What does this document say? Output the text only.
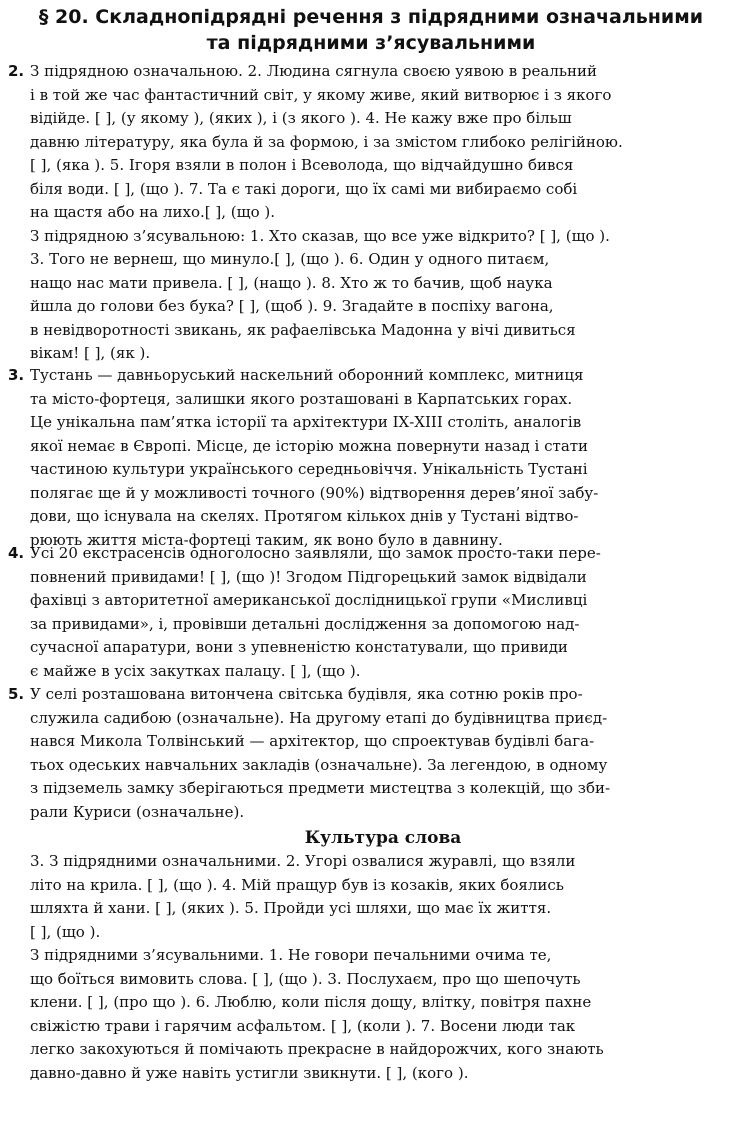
§ 20. Складнопідрядні речення з підрядними означальними
та підрядними з’ясувальними
2. З підрядною означальною. 2. Людина сягнула своєю уявою в реальний
і в той же час фантастичний світ, у якому живе, який витворює і з якого
відійде. [ ], (у якому ), (яких ), і (з якого ). 4. Не кажу вже про більш
давню літературу, яка була й за формою, і за змістом глибоко релігійною.
[ ], (яка ). 5. Ігоря взяли в полон і Всеволода, що відчайдушно бився
біля води. [ ], (що ). 7. Та є такі дороги, що їх самі ми вибираємо собі
на щастя або на лихо.[ ], (що ).
З підрядною з’ясувальною: 1. Хто сказав, що все уже відкрито? [ ], (що ).
3. Того не вернеш, що минуло.[ ], (що ). 6. Один у одного питаєм,
нащо нас мати привела. [ ], (нащо ). 8. Хто ж то бачив, щоб наука
йшла до голови без бука? [ ], (щоб ). 9. Згадайте в поспіху вагона,
в невідворотності звикань, як рафаелівська Мадонна у вічі дивиться
вікам! [ ], (як ).
3. Тустань — давньоруський наскельний оборонний комплекс, митниця
та місто-фортеця, залишки якого розташовані в Карпатських горах.
Це унікальна пам’ятка історії та архітектури ІХ-ХІІІ століть, аналогів
якої немає в Європі. Місце, де історію можна повернути назад і стати
частиною культури українського середньовіччя. Унікальність Тустані
полягає ще й у можливості точного (90%) відтворення дерев’яної забу-
дови, що існувала на скелях. Протягом кількох днів у Тустані відтво-
рюють життя міста-фортеці таким, як воно було в давнину.
4. Усі 20 екстрасенсів одноголосно заявляли, що замок просто-таки пере-
повнений привидами! [ ], (що )! Згодом Підгорецький замок відвідали
фахівці з авторитетної американської дослідницької групи «Мисливці
за привидами», і, провівши детальні дослідження за допомогою над-
сучасної апаратури, вони з упевненістю констатували, що привиди
є майже в усіх закутках палацу. [ ], (що ).
5. У селі розташована витончена світська будівля, яка сотню років про-
служила садибою (означальне). На другому етапі до будівництва приєд-
нався Микола Толвінський — архітектор, що спроектував будівлі бага-
тьох одеських навчальних закладів (означальне). За легендою, в одному
з підземель замку зберігаються предмети мистецтва з колекцій, що зби-
рали Куриси (означальне).
Культура слова
3. З підрядними означальними. 2. Угорі озвалися журавлі, що взяли
літо на крила. [ ], (що ). 4. Мій пращур був із козаків, яких боялись
шляхта й хани. [ ], (яких ). 5. Пройди усі шляхи, що має їх життя.
[ ], (що ).
З підрядними з’ясувальними. 1. Не говори печальними очима те,
що боїться вимовить слова. [ ], (що ). 3. Послухаєм, про що шепочуть
клени. [ ], (про що ). 6. Люблю, коли після дощу, влітку, повітря пахне
свіжістю трави і гарячим асфальтом. [ ], (коли ). 7. Восени люди так
легко закохуються й помічають прекрасне в найдорожчих, кого знають
давно-давно й уже навіть устигли звикнути. [ ], (кого ).
